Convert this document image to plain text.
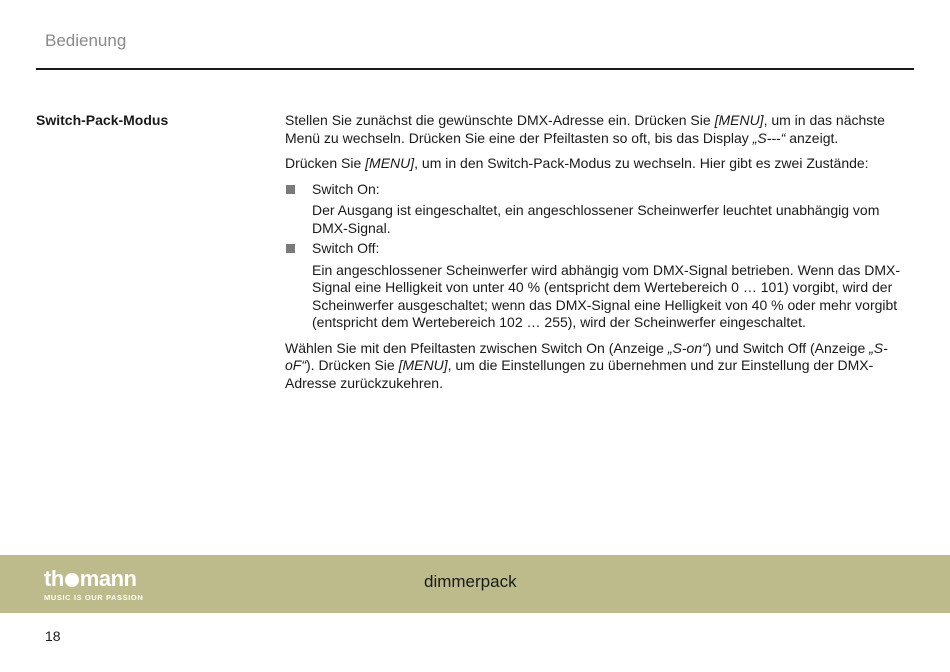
Bedienung
Switch-Pack-Modus	Stellen Sie zunächst die gewünschte DMX-Adresse ein. Drücken Sie [MENU], um in das nächste Menü zu wechseln. Drücken Sie eine der Pfeiltasten so oft, bis das Display „S---“ anzeigt.

Drücken Sie [MENU], um in den Switch-Pack-Modus zu wechseln. Hier gibt es zwei Zustände:

Switch On:
Der Ausgang ist eingeschaltet, ein angeschlossener Scheinwerfer leuchtet unabhängig vom DMX-Signal.
Switch Off:
Ein angeschlossener Scheinwerfer wird abhängig vom DMX-Signal betrieben. Wenn das DMX-Signal eine Helligkeit von unter 40 % (entspricht dem Wertebereich 0 … 101) vorgibt, wird der Scheinwerfer ausgeschaltet; wenn das DMX-Signal eine Helligkeit von 40 % oder mehr vorgibt (entspricht dem Wertebereich 102 … 255), wird der Scheinwerfer eingeschaltet.

Wählen Sie mit den Pfeiltasten zwischen Switch On (Anzeige „S-on“) und Switch Off (Anzeige „S-oF“). Drücken Sie [MENU], um die Einstellungen zu übernehmen und zur Einstellung der DMX-Adresse zurückzukehren.

th mann
MUSIC IS OUR PASSION
dimmerpack
18
